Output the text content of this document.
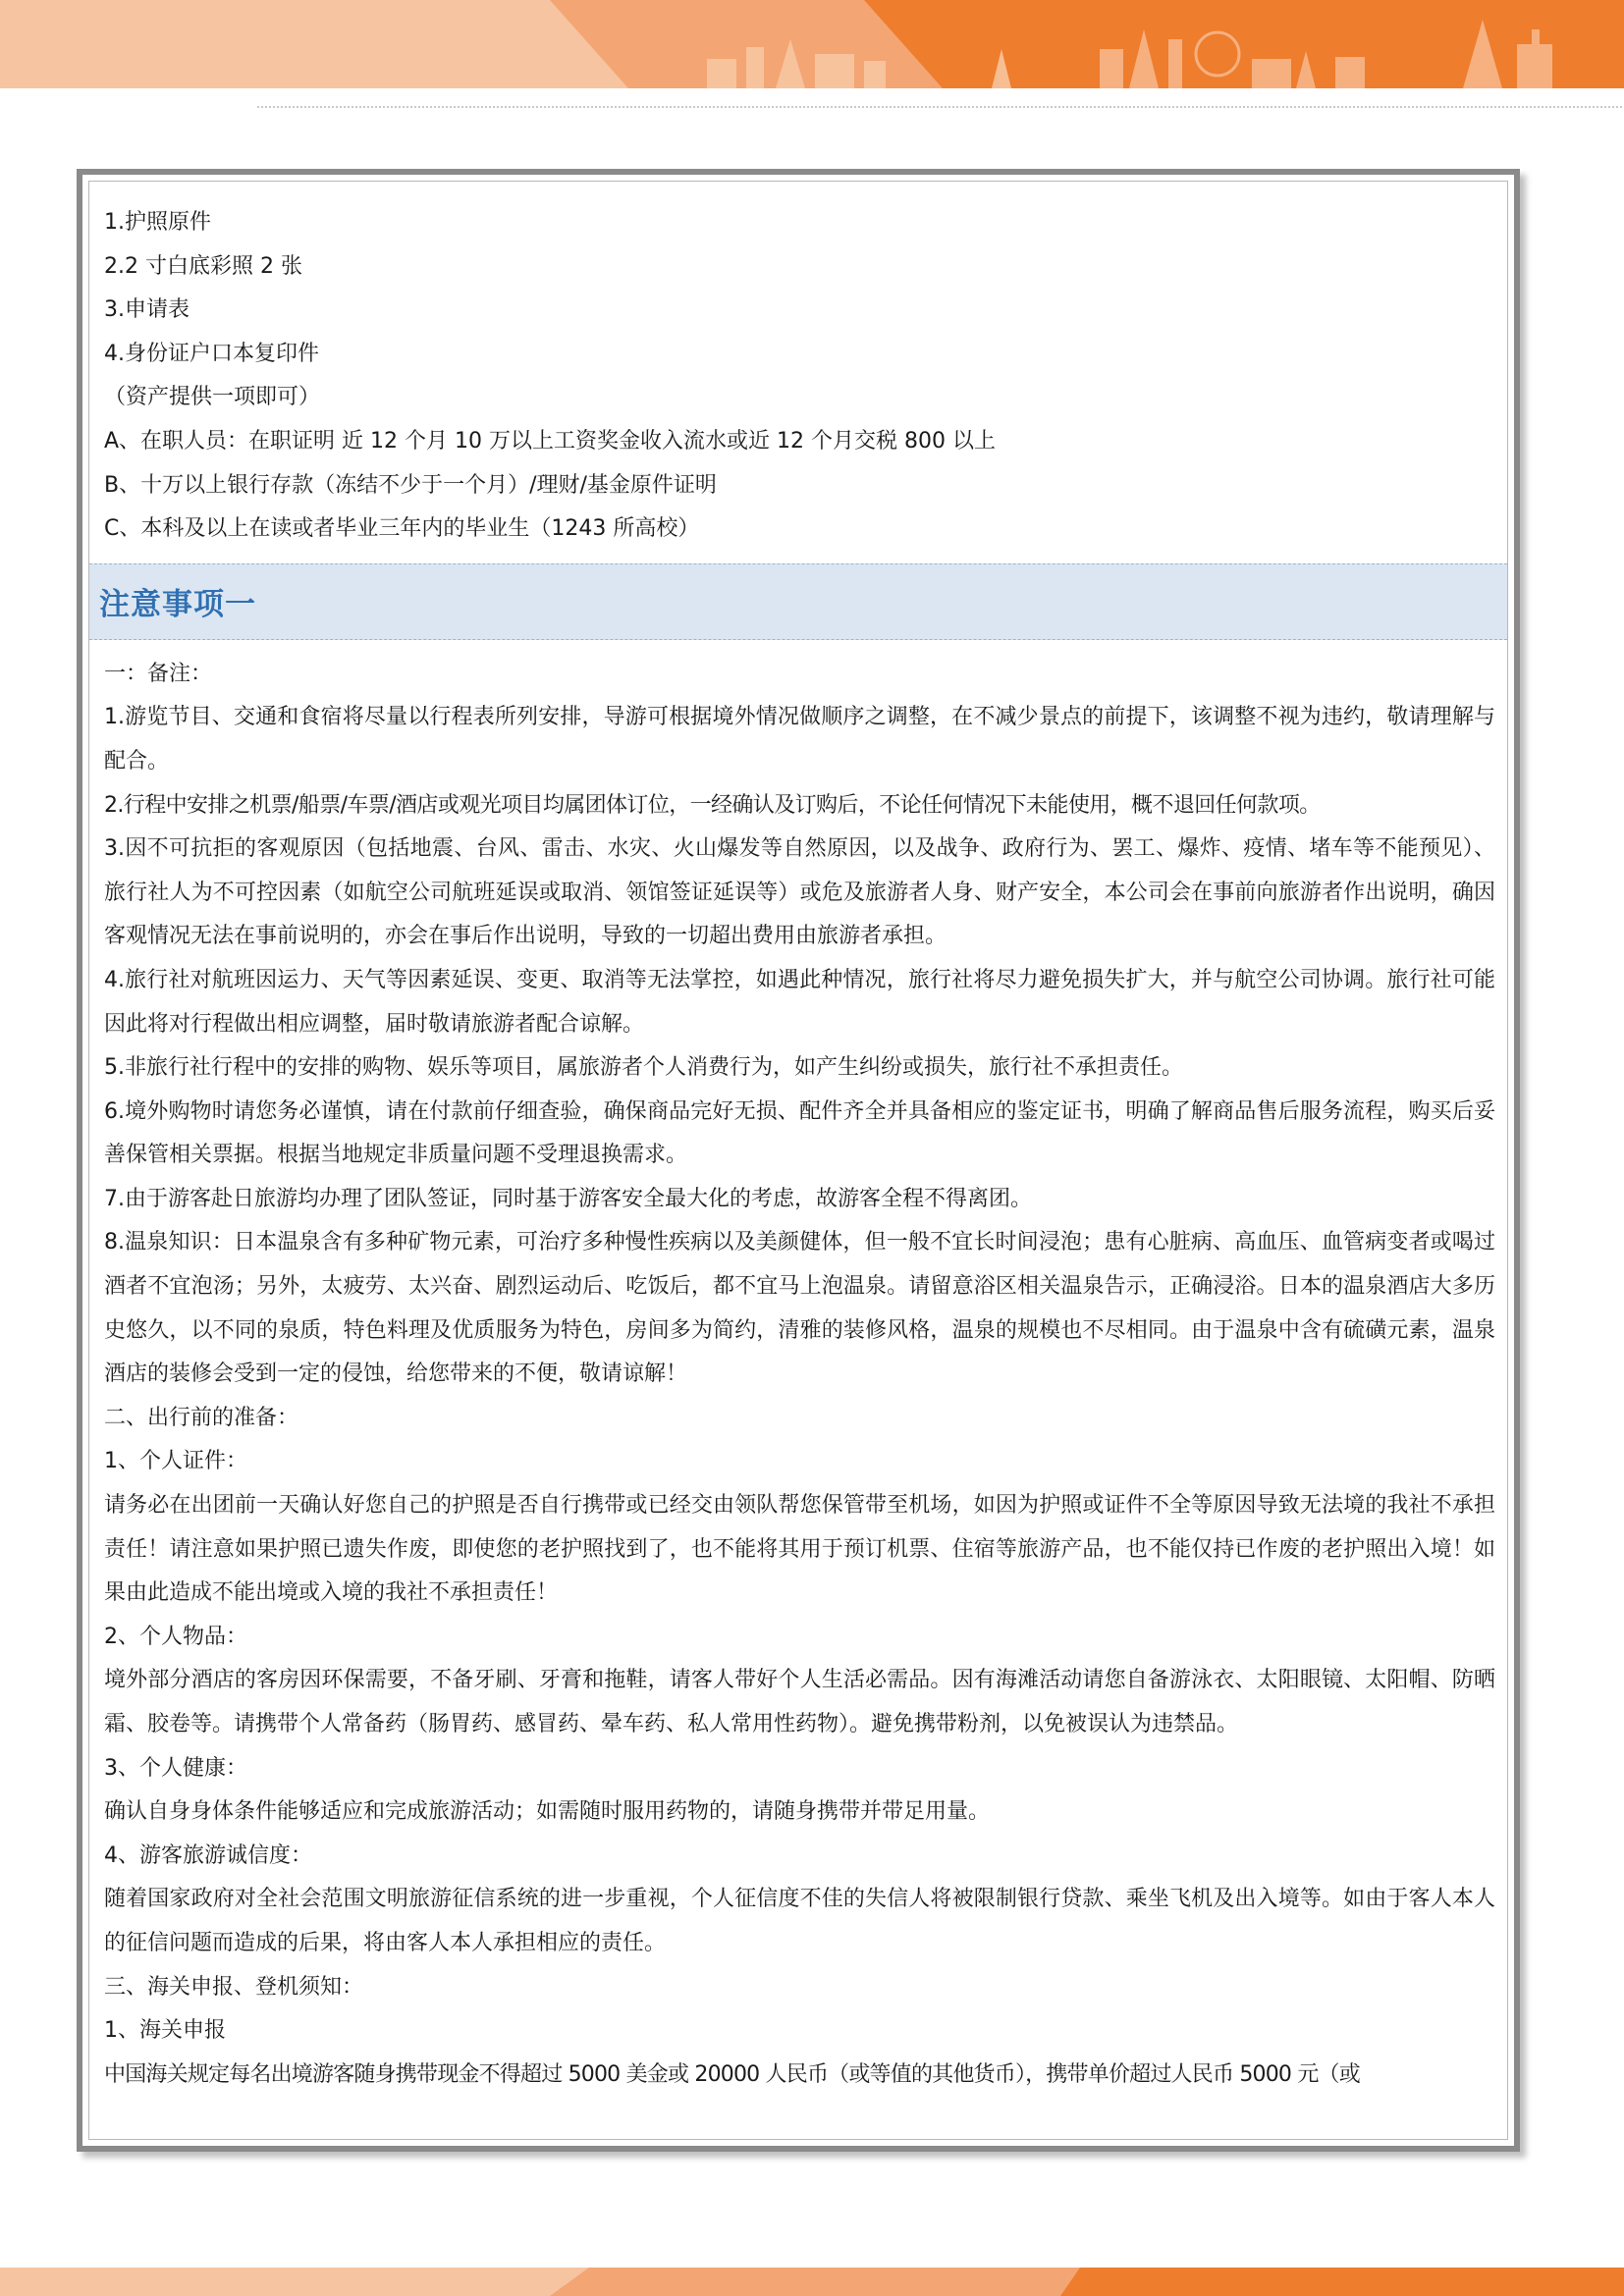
1.护照原件

2.2 寸白底彩照 2 张

3.申请表

4.身份证户口本复印件

（资产提供一项即可）

A、在职人员：在职证明 近 12 个月 10 万以上工资奖金收入流水或近 12 个月交税 800 以上

B、十万以上银行存款（冻结不少于一个月）/理财/基金原件证明

C、本科及以上在读或者毕业三年内的毕业生（1243 所高校）

注意事项一

一：备注：

1.游览节目、交通和食宿将尽量以行程表所列安排，导游可根据境外情况做顺序之调整，在不减少景点的前提下，该调整不视为违约，敬请理解与配合。

2.行程中安排之机票/船票/车票/酒店或观光项目均属团体订位，一经确认及订购后，不论任何情况下未能使用，概不退回任何款项。

3.因不可抗拒的客观原因（包括地震、台风、雷击、水灾、火山爆发等自然原因，以及战争、政府行为、罢工、爆炸、疫情、堵车等不能预见）、旅行社人为不可控因素（如航空公司航班延误或取消、领馆签证延误等）或危及旅游者人身、财产安全，本公司会在事前向旅游者作出说明，确因客观情况无法在事前说明的，亦会在事后作出说明，导致的一切超出费用由旅游者承担。

4.旅行社对航班因运力、天气等因素延误、变更、取消等无法掌控，如遇此种情况，旅行社将尽力避免损失扩大，并与航空公司协调。旅行社可能因此将对行程做出相应调整，届时敬请旅游者配合谅解。

5.非旅行社行程中的安排的购物、娱乐等项目，属旅游者个人消费行为，如产生纠纷或损失，旅行社不承担责任。

6.境外购物时请您务必谨慎，请在付款前仔细查验，确保商品完好无损、配件齐全并具备相应的鉴定证书，明确了解商品售后服务流程，购买后妥善保管相关票据。根据当地规定非质量问题不受理退换需求。

7.由于游客赴日旅游均办理了团队签证，同时基于游客安全最大化的考虑，故游客全程不得离团。

8.温泉知识：日本温泉含有多种矿物元素，可治疗多种慢性疾病以及美颜健体，但一般不宜长时间浸泡；患有心脏病、高血压、血管病变者或喝过酒者不宜泡汤；另外，太疲劳、太兴奋、剧烈运动后、吃饭后，都不宜马上泡温泉。请留意浴区相关温泉告示，正确浸浴。日本的温泉酒店大多历史悠久，以不同的泉质，特色料理及优质服务为特色，房间多为简约，清雅的装修风格，温泉的规模也不尽相同。由于温泉中含有硫磺元素，温泉酒店的装修会受到一定的侵蚀，给您带来的不便，敬请谅解！

二、出行前的准备：

1、个人证件：

请务必在出团前一天确认好您自己的护照是否自行携带或已经交由领队帮您保管带至机场，如因为护照或证件不全等原因导致无法境的我社不承担责任！请注意如果护照已遗失作废，即使您的老护照找到了，也不能将其用于预订机票、住宿等旅游产品，也不能仅持已作废的老护照出入境！如果由此造成不能出境或入境的我社不承担责任！

2、个人物品：

境外部分酒店的客房因环保需要，不备牙刷、牙膏和拖鞋，请客人带好个人生活必需品。因有海滩活动请您自备游泳衣、太阳眼镜、太阳帽、防晒霜、胶卷等。请携带个人常备药（肠胃药、感冒药、晕车药、私人常用性药物）。避免携带粉剂，以免被误认为违禁品。

3、个人健康：

确认自身身体条件能够适应和完成旅游活动；如需随时服用药物的，请随身携带并带足用量。

4、游客旅游诚信度：

随着国家政府对全社会范围文明旅游征信系统的进一步重视，个人征信度不佳的失信人将被限制银行贷款、乘坐飞机及出入境等。如由于客人本人的征信问题而造成的后果，将由客人本人承担相应的责任。

三、海关申报、登机须知：

1、海关申报

中国海关规定每名出境游客随身携带现金不得超过 5000 美金或 20000 人民币（或等值的其他货币），携带单价超过人民币 5000 元（或
